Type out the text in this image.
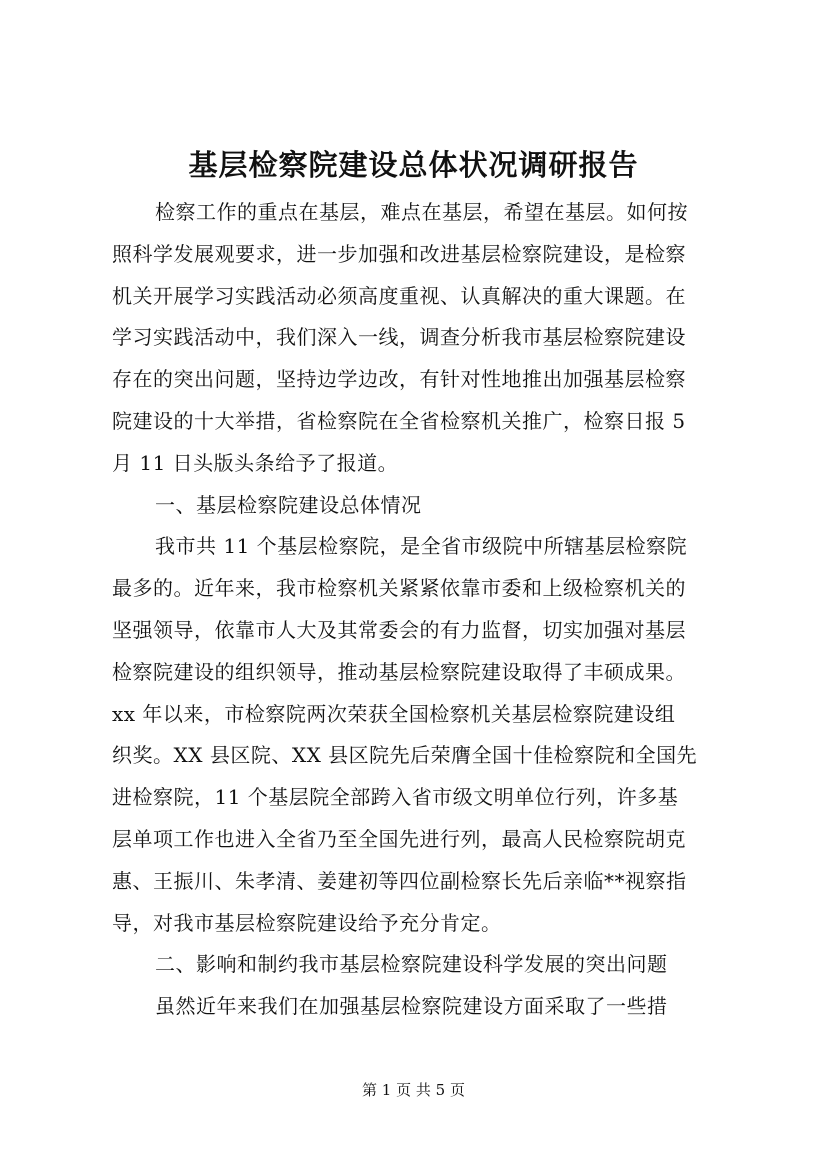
基层检察院建设总体状况调研报告
检察工作的重点在基层，难点在基层，希望在基层。如何按
照科学发展观要求，进一步加强和改进基层检察院建设，是检察
机关开展学习实践活动必须高度重视、认真解决的重大课题。在
学习实践活动中，我们深入一线，调查分析我市基层检察院建设
存在的突出问题，坚持边学边改，有针对性地推出加强基层检察
院建设的十大举措，省检察院在全省检察机关推广，检察日报 5
月 11 日头版头条给予了报道。
一、基层检察院建设总体情况
我市共 11 个基层检察院，是全省市级院中所辖基层检察院
最多的。近年来，我市检察机关紧紧依靠市委和上级检察机关的
坚强领导，依靠市人大及其常委会的有力监督，切实加强对基层
检察院建设的组织领导，推动基层检察院建设取得了丰硕成果。
xx 年以来，市检察院两次荣获全国检察机关基层检察院建设组
织奖。XX 县区院、XX 县区院先后荣膺全国十佳检察院和全国先
进检察院，11 个基层院全部跨入省市级文明单位行列，许多基
层单项工作也进入全省乃至全国先进行列，最高人民检察院胡克
惠、王振川、朱孝清、姜建初等四位副检察长先后亲临**视察指
导，对我市基层检察院建设给予充分肯定。
二、影响和制约我市基层检察院建设科学发展的突出问题
虽然近年来我们在加强基层检察院建设方面采取了一些措
第 1 页 共 5 页
